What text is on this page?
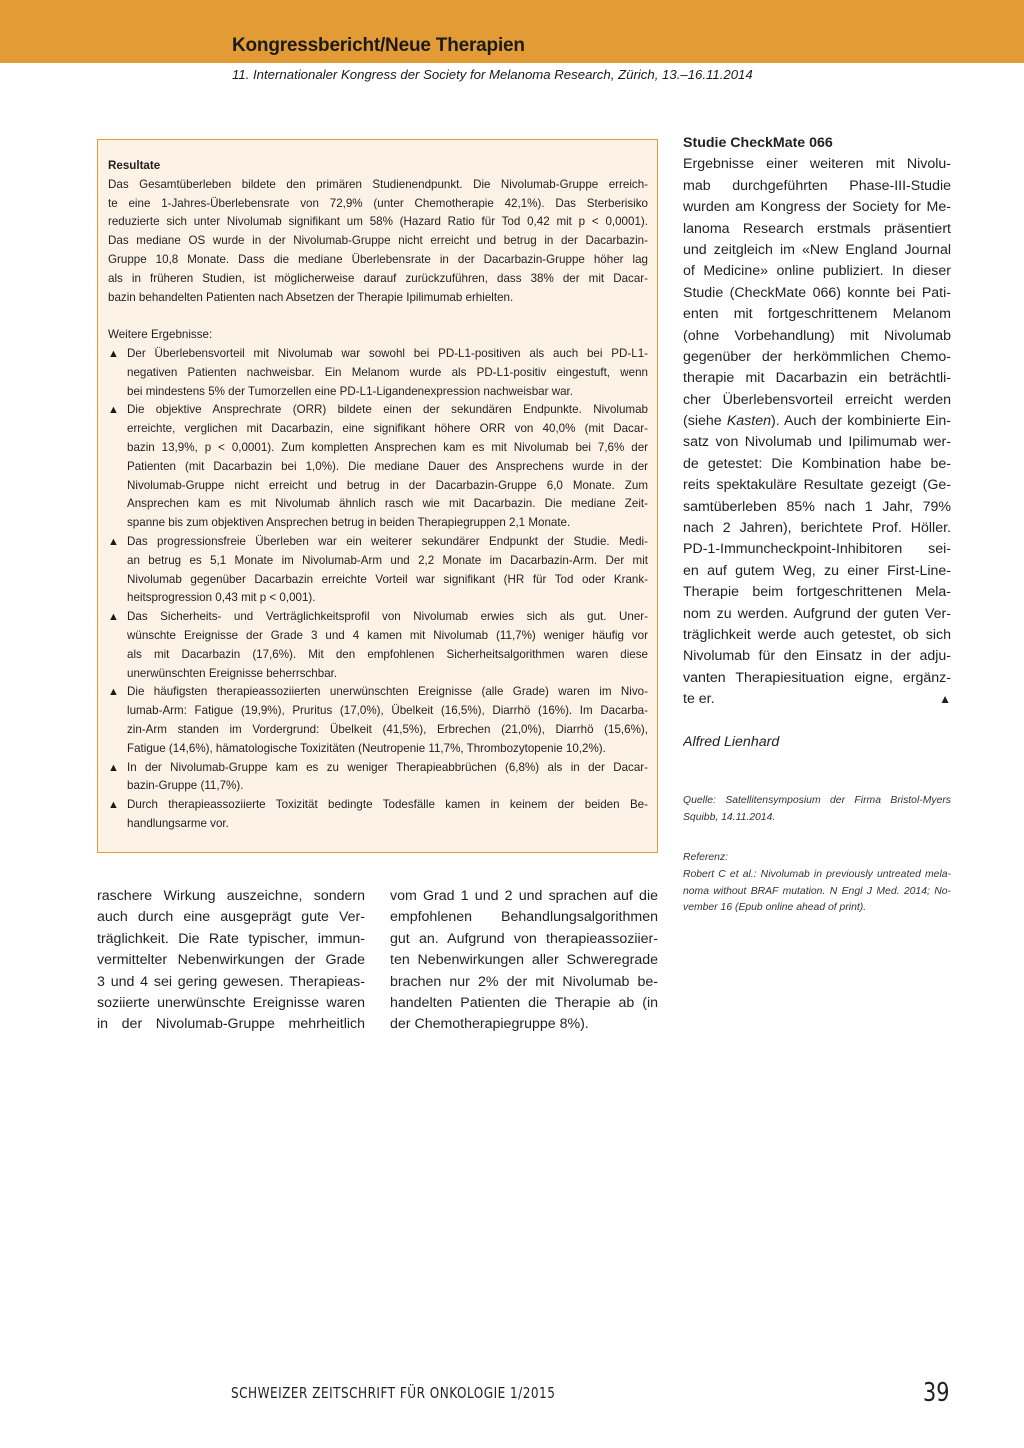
Kongressbericht/Neue Therapien
11. Internationaler Kongress der Society for Melanoma Research, Zürich, 13.–16.11.2014
Resultate
Das Gesamtüberleben bildete den primären Studienendpunkt. Die Nivolumab-Gruppe erreich-
te eine 1-Jahres-Überlebensrate von 72,9% (unter Chemotherapie 42,1%). Das Sterberisiko
reduzierte sich unter Nivolumab signifikant um 58% (Hazard Ratio für Tod 0,42 mit p < 0,0001).
Das mediane OS wurde in der Nivolumab-Gruppe nicht erreicht und betrug in der Dacarbazin-
Gruppe 10,8 Monate. Dass die mediane Überlebensrate in der Dacarbazin-Gruppe höher lag
als in früheren Studien, ist möglicherweise darauf zurückzuführen, dass 38% der mit Dacar-
bazin behandelten Patienten nach Absetzen der Therapie Ipilimumab erhielten.
Weitere Ergebnisse:
▲ Der Überlebensvorteil mit Nivolumab war sowohl bei PD-L1-positiven als auch bei PD-L1-
negativen Patienten nachweisbar. Ein Melanom wurde als PD-L1-positiv eingestuft, wenn
bei mindestens 5% der Tumorzellen eine PD-L1-Ligandenexpression nachweisbar war.
▲ Die objektive Ansprechrate (ORR) bildete einen der sekundären Endpunkte. Nivolumab
erreichte, verglichen mit Dacarbazin, eine signifikant höhere ORR von 40,0% (mit Dacar-
bazin 13,9%, p < 0,0001). Zum kompletten Ansprechen kam es mit Nivolumab bei 7,6% der
Patienten (mit Dacarbazin bei 1,0%). Die mediane Dauer des Ansprechens wurde in der
Nivolumab-Gruppe nicht erreicht und betrug in der Dacarbazin-Gruppe 6,0 Monate. Zum
Ansprechen kam es mit Nivolumab ähnlich rasch wie mit Dacarbazin. Die mediane Zeit-
spanne bis zum objektiven Ansprechen betrug in beiden Therapiegruppen 2,1 Monate.
▲ Das progressionsfreie Überleben war ein weiterer sekundärer Endpunkt der Studie. Medi-
an betrug es 5,1 Monate im Nivolumab-Arm und 2,2 Monate im Dacarbazin-Arm. Der mit
Nivolumab gegenüber Dacarbazin erreichte Vorteil war signifikant (HR für Tod oder Krank-
heitsprogression 0,43 mit p < 0,001).
▲ Das Sicherheits- und Verträglichkeitsprofil von Nivolumab erwies sich als gut. Uner-
wünschte Ereignisse der Grade 3 und 4 kamen mit Nivolumab (11,7%) weniger häufig vor
als mit Dacarbazin (17,6%). Mit den empfohlenen Sicherheitsalgorithmen waren diese
unerwünschten Ereignisse beherrschbar.
▲ Die häufigsten therapieassoziierten unerwünschten Ereignisse (alle Grade) waren im Nivo-
lumab-Arm: Fatigue (19,9%), Pruritus (17,0%), Übelkeit (16,5%), Diarrhö (16%). Im Dacarba-
zin-Arm standen im Vordergrund: Übelkeit (41,5%), Erbrechen (21,0%), Diarrhö (15,6%),
Fatigue (14,6%), hämatologische Toxizitäten (Neutropenie 11,7%, Thrombozytopenie 10,2%).
▲ In der Nivolumab-Gruppe kam es zu weniger Therapieabbrüchen (6,8%) als in der Dacar-
bazin-Gruppe (11,7%).
▲ Durch therapieassoziierte Toxizität bedingte Todesfälle kamen in keinem der beiden Be-
handlungsarme vor.
raschere Wirkung auszeichne, sondern
auch durch eine ausgeprägt gute Ver-
träglichkeit. Die Rate typischer, immun-
vermittelter Nebenwirkungen der Grade
3 und 4 sei gering gewesen. Therapieas-
soziierte unerwünschte Ereignisse waren
in der Nivolumab-Gruppe mehrheitlich
vom Grad 1 und 2 und sprachen auf die
empfohlenen Behandlungsalgorithmen
gut an. Aufgrund von therapieassoziier-
ten Nebenwirkungen aller Schweregrade
brachen nur 2% der mit Nivolumab be-
handelten Patienten die Therapie ab (in
der Chemotherapiegruppe 8%).
Studie CheckMate 066
Ergebnisse einer weiteren mit Nivolu-
mab durchgeführten Phase-III-Studie
wurden am Kongress der Society for Me-
lanoma Research erstmals präsentiert
und zeitgleich im «New England Journal
of Medicine» online publiziert. In dieser
Studie (CheckMate 066) konnte bei Pati-
enten mit fortgeschrittenem Melanom
(ohne Vorbehandlung) mit Nivolumab
gegenüber der herkömmlichen Chemo-
therapie mit Dacarbazin ein beträchtli-
cher Überlebensvorteil erreicht werden
(siehe Kasten). Auch der kombinierte Ein-
satz von Nivolumab und Ipilimumab wer-
de getestet: Die Kombination habe be-
reits spektakuläre Resultate gezeigt (Ge-
samtüberleben 85% nach 1 Jahr, 79%
nach 2 Jahren), berichtete Prof. Höller.
PD-1-Immuncheckpoint-Inhibitoren sei-
en auf gutem Weg, zu einer First-Line-
Therapie beim fortgeschrittenen Mela-
nom zu werden. Aufgrund der guten Ver-
träglichkeit werde auch getestet, ob sich
Nivolumab für den Einsatz in der adju-
vanten Therapiesituation eigne, ergänz-
te er.	▲
Alfred Lienhard
Quelle: Satellitensymposium der Firma Bristol-Myers
Squibb, 14.11.2014.
Referenz:
Robert C et al.: Nivolumab in previously untreated mela-
noma without BRAF mutation. N Engl J Med. 2014; No-
vember 16 (Epub online ahead of print).
SCHWEIZER ZEITSCHRIFT FÜR ONKOLOGIE 1/2015	39
